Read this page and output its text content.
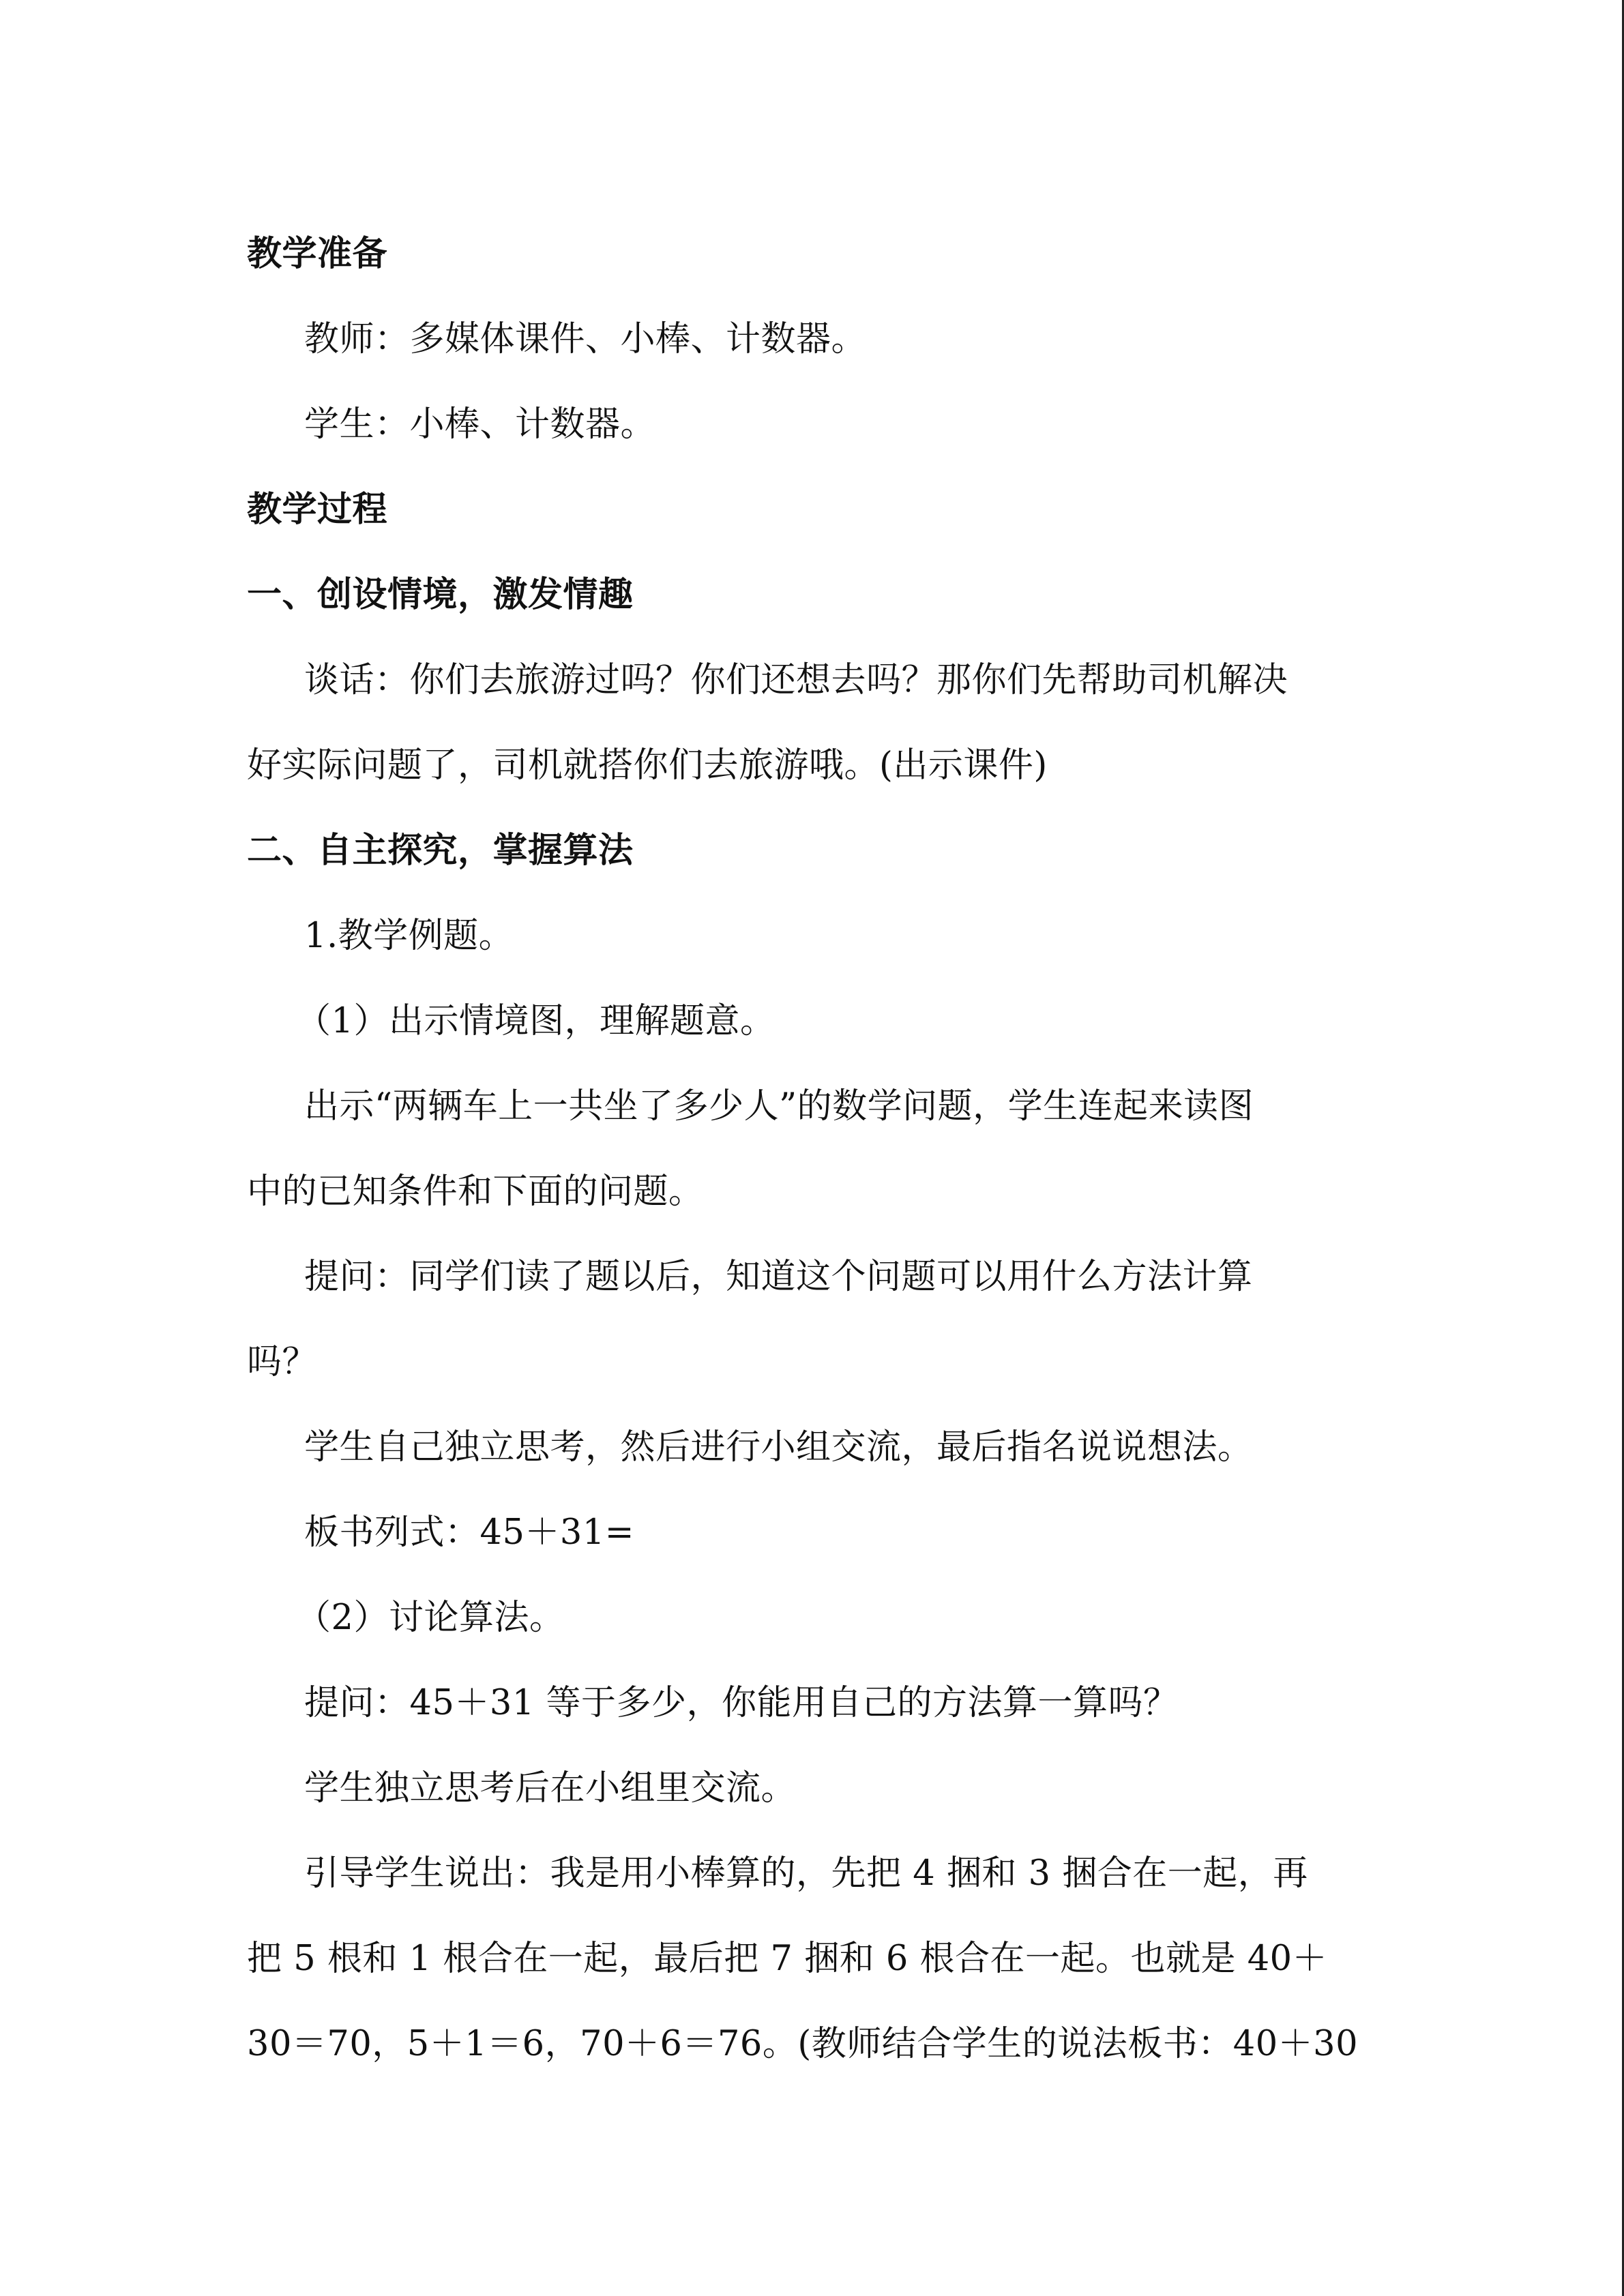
教学准备
教师：多媒体课件、小棒、计数器。
学生：小棒、计数器。
教学过程
一、创设情境，激发情趣
谈话：你们去旅游过吗？你们还想去吗？那你们先帮助司机解决
好实际问题了，司机就搭你们去旅游哦。(出示课件)
二、自主探究，掌握算法
1.教学例题。
（1）出示情境图，理解题意。
出示“两辆车上一共坐了多少人”的数学问题，学生连起来读图
中的已知条件和下面的问题。
提问：同学们读了题以后，知道这个问题可以用什么方法计算
吗？
学生自己独立思考，然后进行小组交流，最后指名说说想法。
板书列式：45＋31=
（2）讨论算法。
提问：45＋31 等于多少，你能用自己的方法算一算吗？
学生独立思考后在小组里交流。
引导学生说出：我是用小棒算的，先把 4 捆和 3 捆合在一起，再
把 5 根和 1 根合在一起，最后把 7 捆和 6 根合在一起。也就是 40＋
30＝70，5＋1＝6，70＋6＝76。(教师结合学生的说法板书：40＋30
